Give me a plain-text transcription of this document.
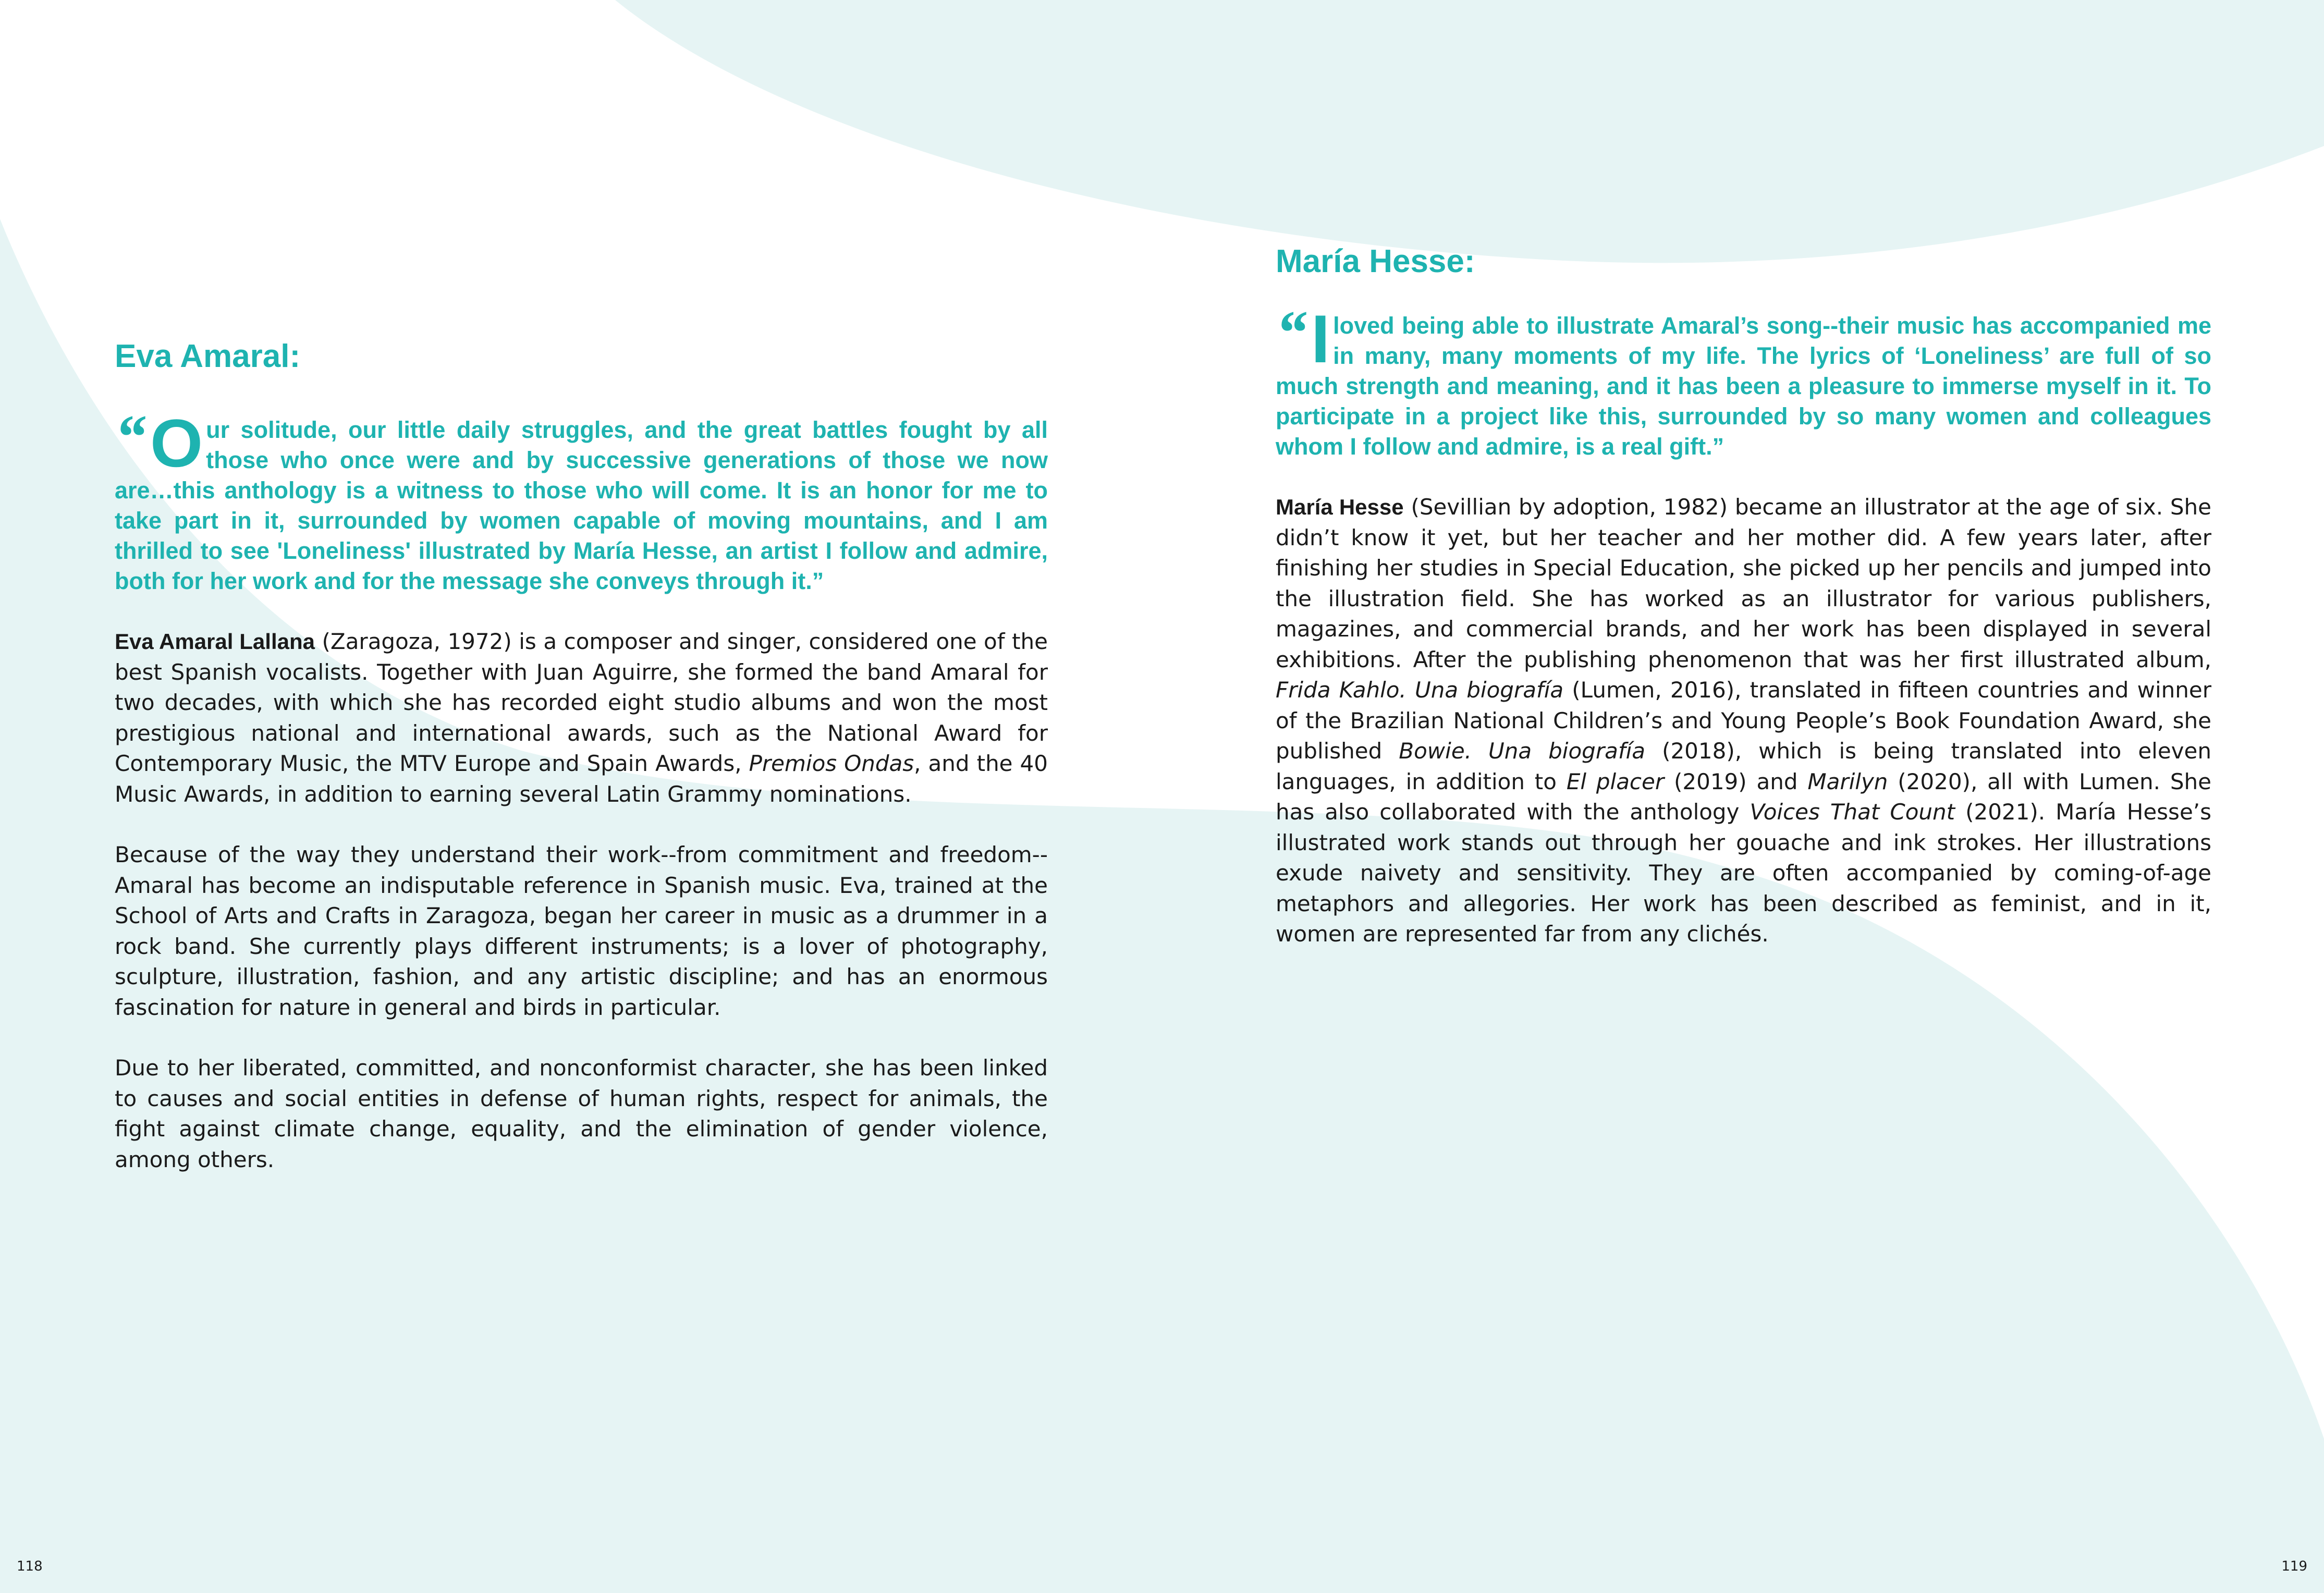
Eva Amaral:

“ O ur solitude, our little daily struggles, and the great battles fought by all those who once were and by successive generations of those we now are…this anthology is a witness to those who will come. It is an honor for me to take part in it, surrounded by women capable of moving mountains, and I am thrilled to see 'Loneliness' illustrated by María Hesse, an artist I follow and admire, both for her work and for the message she conveys through it.”

Eva Amaral Lallana (Zaragoza, 1972) is a composer and singer, considered one of the best Spanish vocalists. Together with Juan Aguirre, she formed the band Amaral for two decades, with which she has recorded eight studio albums and won the most prestigious national and international awards, such as the National Award for Contemporary Music, the MTV Europe and Spain Awards, Premios Ondas, and the 40 Music Awards, in addition to earning several Latin Grammy nominations.

Because of the way they understand their work--from commitment and freedom--Amaral has become an indisputable reference in Spanish music. Eva, trained at the School of Arts and Crafts in Zaragoza, began her career in music as a drummer in a rock band. She currently plays different instruments; is a lover of photography, sculpture, illustration, fashion, and any artistic discipline; and has an enormous fascination for nature in general and birds in particular.

Due to her liberated, committed, and nonconformist character, she has been linked to causes and social entities in defense of human rights, respect for animals, the fight against climate change, equality, and the elimination of gender violence, among others.

María Hesse:

“ I loved being able to illustrate Amaral’s song--their music has accompanied me in many, many moments of my life. The lyrics of ‘Loneliness’ are full of so much strength and meaning, and it has been a pleasure to immerse myself in it. To participate in a project like this, surrounded by so many women and colleagues whom I follow and admire, is a real gift.”

María Hesse (Sevillian by adoption, 1982) became an illustrator at the age of six. She didn’t know it yet, but her teacher and her mother did. A few years later, after finishing her studies in Special Education, she picked up her pencils and jumped into the illustration field. She has worked as an illustrator for various publishers, magazines, and commercial brands, and her work has been displayed in several exhibitions. After the publishing phenomenon that was her first illustrated album, Frida Kahlo. Una biografía (Lumen, 2016), translated in fifteen countries and winner of the Brazilian National Children’s and Young People’s Book Foundation Award, she published Bowie. Una biografía (2018), which is being translated into eleven languages, in addition to El placer (2019) and Marilyn (2020), all with Lumen. She has also collaborated with the anthology Voices That Count (2021). María Hesse’s illustrated work stands out through her gouache and ink strokes. Her illustrations exude naivety and sensitivity. They are often accompanied by coming-of-age metaphors and allegories. Her work has been described as feminist, and in it, women are represented far from any clichés.

118	119
